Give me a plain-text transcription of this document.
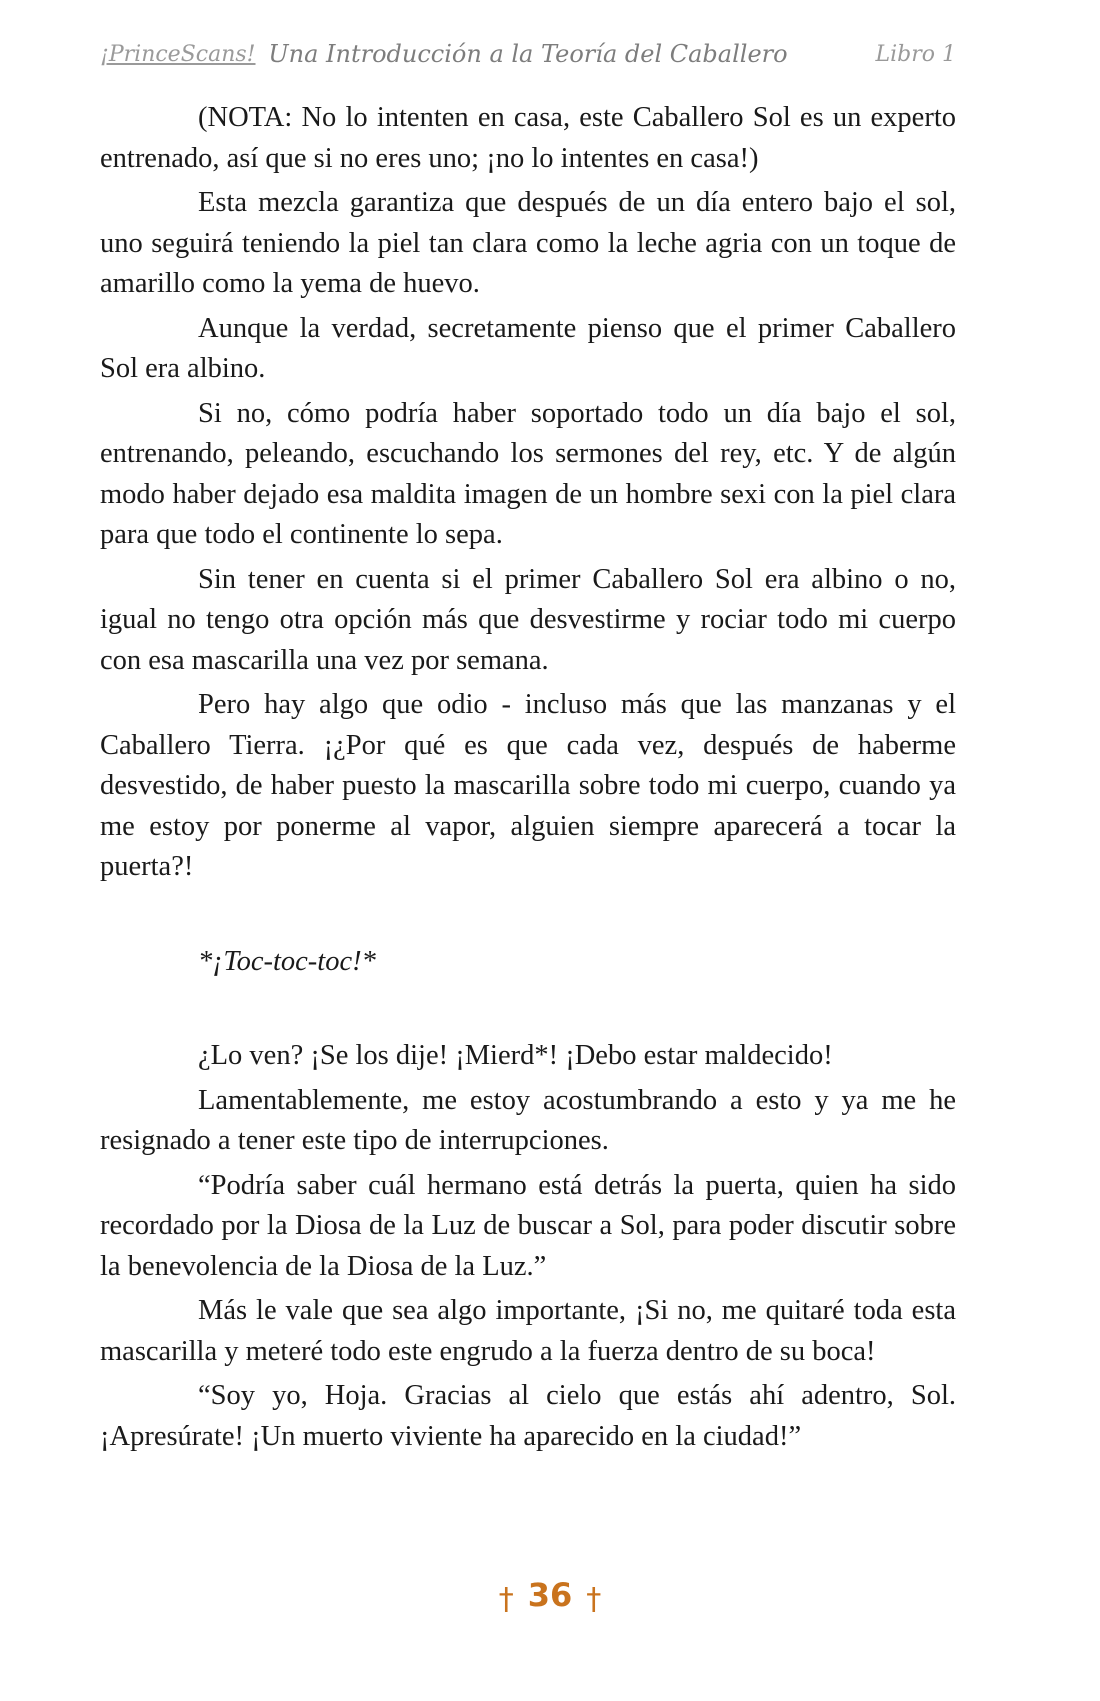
¡PrinceScans! Una Introducción a la Teoría del Caballero	Libro 1

(NOTA: No lo intenten en casa, este Caballero Sol es un experto entrenado, así que si no eres uno; ¡no lo intentes en casa!)

Esta mezcla garantiza que después de un día entero bajo el sol, uno seguirá teniendo la piel tan clara como la leche agria con un toque de amarillo como la yema de huevo.

Aunque la verdad, secretamente pienso que el primer Caballero Sol era albino.

Si no, cómo podría haber soportado todo un día bajo el sol, entrenando, peleando, escuchando los sermones del rey, etc. Y de algún modo haber dejado esa maldita imagen de un hombre sexi con la piel clara para que todo el continente lo sepa.

Sin tener en cuenta si el primer Caballero Sol era albino o no, igual no tengo otra opción más que desvestirme y rociar todo mi cuerpo con esa mascarilla una vez por semana.

Pero hay algo que odio - incluso más que las manzanas y el Caballero Tierra. ¡¿Por qué es que cada vez, después de haberme desvestido, de haber puesto la mascarilla sobre todo mi cuerpo, cuando ya me estoy por ponerme al vapor, alguien siempre aparecerá a tocar la puerta?!

*¡Toc-toc-toc!*

¿Lo ven? ¡Se los dije! ¡Mierd*! ¡Debo estar maldecido!

Lamentablemente, me estoy acostumbrando a esto y ya me he resignado a tener este tipo de interrupciones.

“Podría saber cuál hermano está detrás la puerta, quien ha sido recordado por la Diosa de la Luz de buscar a Sol, para poder discutir sobre la benevolencia de la Diosa de la Luz.”

Más le vale que sea algo importante, ¡Si no, me quitaré toda esta mascarilla y meteré todo este engrudo a la fuerza dentro de su boca!

“Soy yo, Hoja. Gracias al cielo que estás ahí adentro, Sol. ¡Apresúrate! ¡Un muerto viviente ha aparecido en la ciudad!”

† 36 †
